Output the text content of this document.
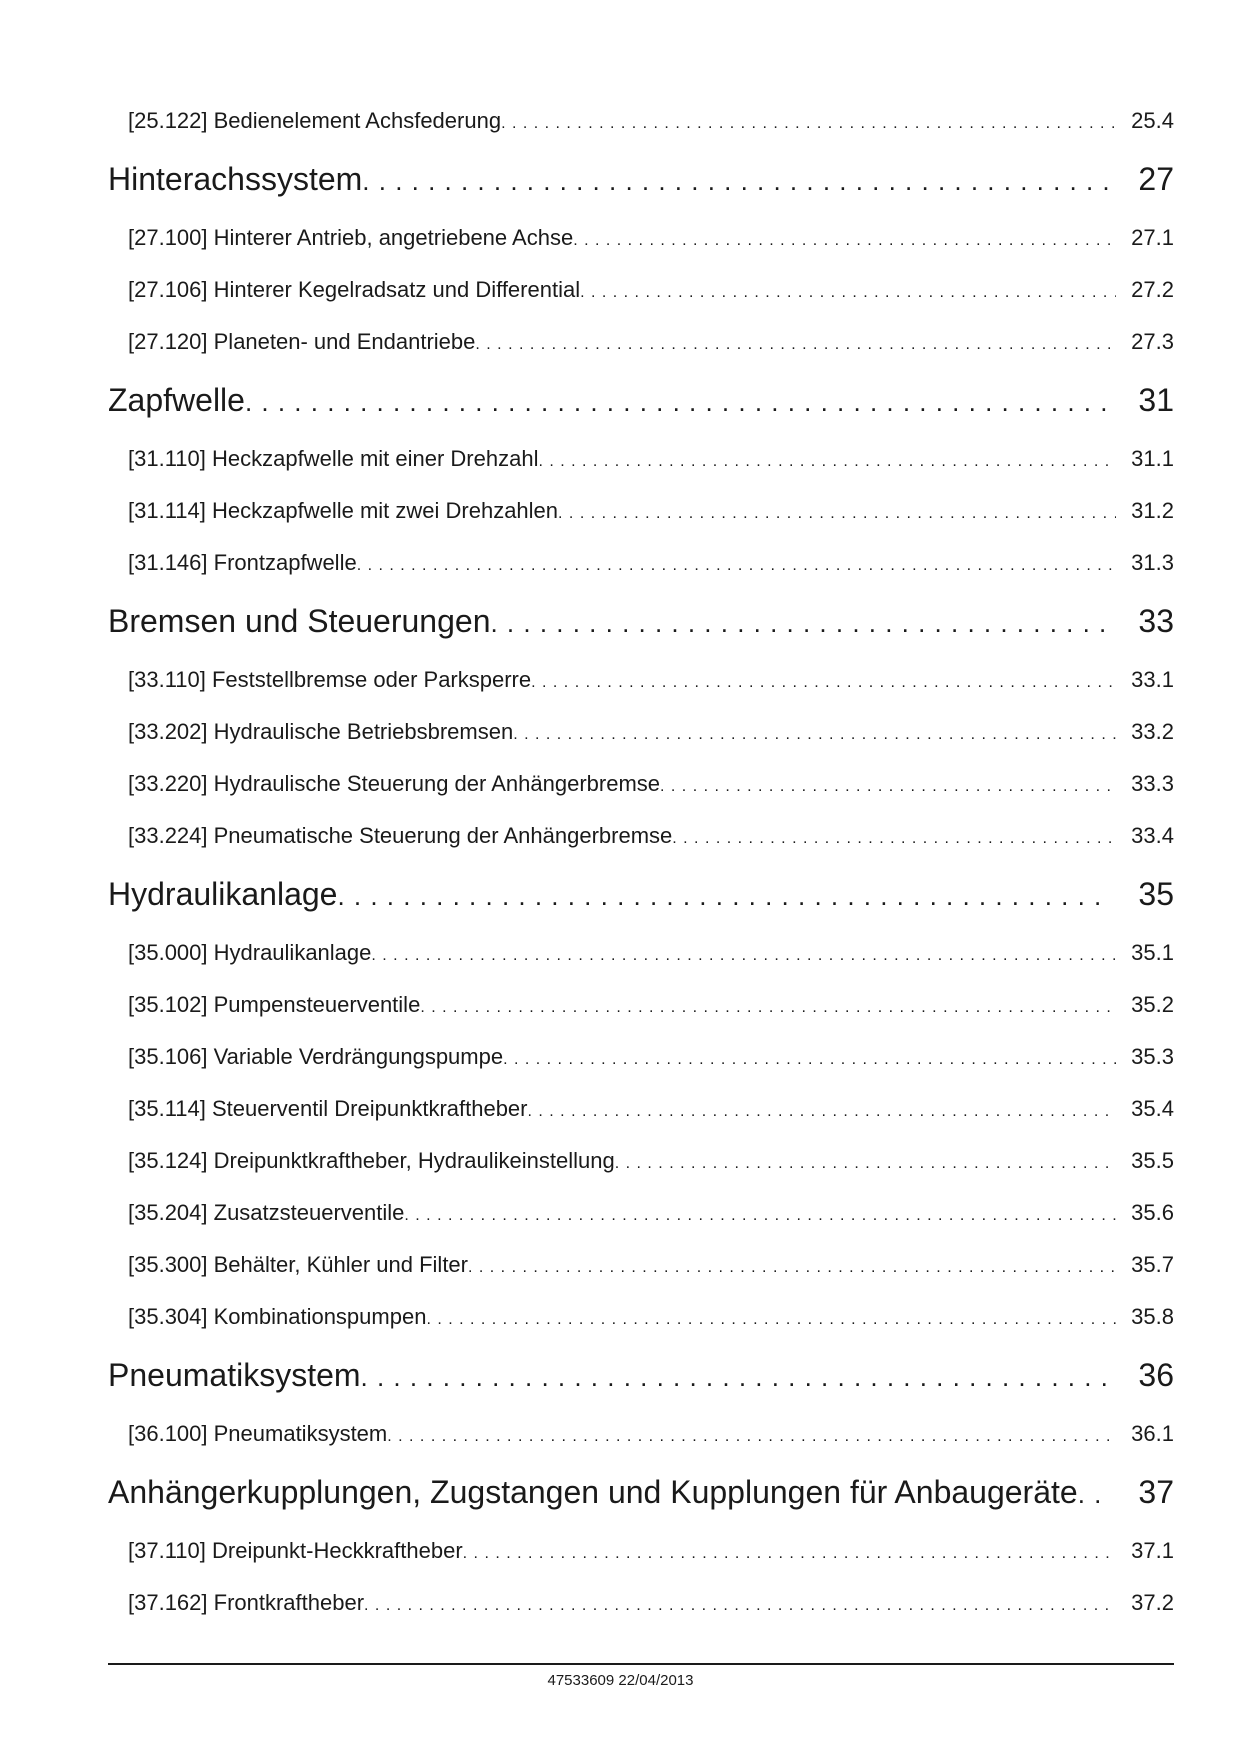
[25.122] Bedienelement Achsfederung . . .	25.4
Hinterachssystem . . .	27
[27.100] Hinterer Antrieb, angetriebene Achse . . .	27.1
[27.106] Hinterer Kegelradsatz und Differential . . .	27.2
[27.120] Planeten- und Endantriebe . . .	27.3
Zapfwelle . . .	31
[31.110] Heckzapfwelle mit einer Drehzahl . . .	31.1
[31.114] Heckzapfwelle mit zwei Drehzahlen . . .	31.2
[31.146] Frontzapfwelle . . .	31.3
Bremsen und Steuerungen . . .	33
[33.110] Feststellbremse oder Parksperre . . .	33.1
[33.202] Hydraulische Betriebsbremsen . . .	33.2
[33.220] Hydraulische Steuerung der Anhängerbremse . . .	33.3
[33.224] Pneumatische Steuerung der Anhängerbremse . . .	33.4
Hydraulikanlage . . .	35
[35.000] Hydraulikanlage . . .	35.1
[35.102] Pumpensteuerventile . . .	35.2
[35.106] Variable Verdrängungspumpe . . .	35.3
[35.114] Steuerventil Dreipunktkraftheber . . .	35.4
[35.124] Dreipunktkraftheber, Hydraulikeinstellung . . .	35.5
[35.204] Zusatzsteuerventile . . .	35.6
[35.300] Behälter, Kühler und Filter . . .	35.7
[35.304] Kombinationspumpen . . .	35.8
Pneumatiksystem . . .	36
[36.100] Pneumatiksystem . . .	36.1
Anhängerkupplungen, Zugstangen und Kupplungen für Anbaugeräte . . .	37
[37.110] Dreipunkt-Heckkraftheber . . .	37.1
[37.162] Frontkraftheber . . .	37.2
47533609 22/04/2013
